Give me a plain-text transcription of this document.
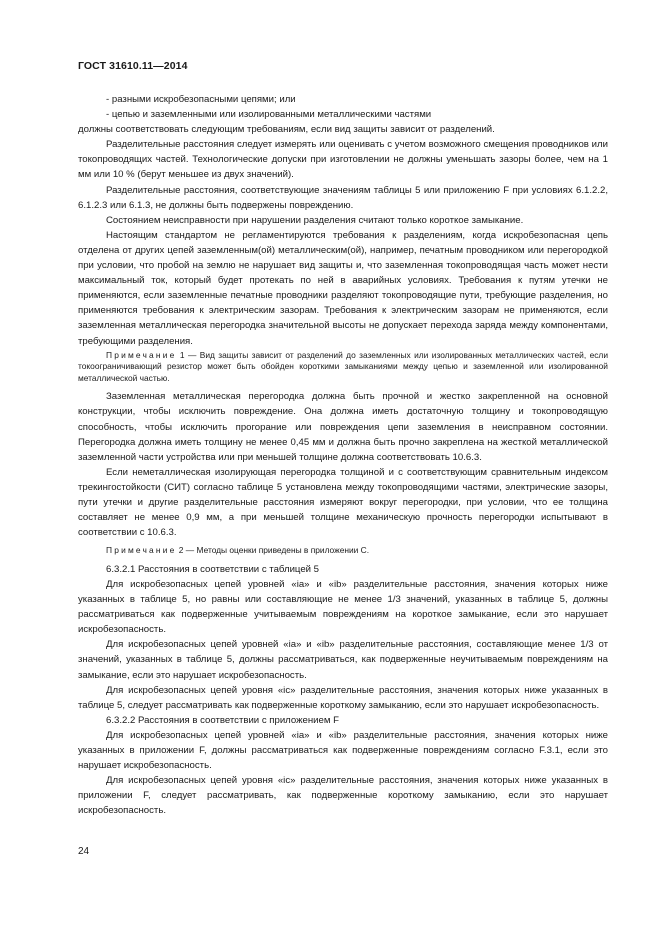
ГОСТ 31610.11—2014

- разными искробезопасными цепями; или

- цепью и заземленными или изолированными металлическими частями

должны соответствовать следующим требованиям, если вид защиты зависит от разделений.

Разделительные расстояния следует измерять или оценивать с учетом возможного смещения проводников или токопроводящих частей. Технологические допуски при изготовлении не должны уменьшать зазоры более, чем на 1 мм или 10 % (берут меньшее из двух значений).

Разделительные расстояния, соответствующие значениям таблицы 5 или приложению F при условиях 6.1.2.2, 6.1.2.3 или 6.1.3, не должны быть подвержены повреждению.

Состоянием неисправности при нарушении разделения считают только короткое замыкание.

Настоящим стандартом не регламентируются требования к разделениям, когда искробезопасная цепь отделена от других цепей заземленным(ой) металлическим(ой), например, печатным проводником или перегородкой при условии, что пробой на землю не нарушает вид защиты и, что заземленная токопроводящая часть может нести максимальный ток, который будет протекать по ней в аварийных условиях. Требования к путям утечки не применяются, если заземленные печатные проводники разделяют токопроводящие пути, требующие разделения, но применяются требования к электрическим зазорам. Требования к электрическим зазорам не применяются, если заземленная металлическая перегородка значительной высоты не допускает перехода заряда между компонентами, требующими разделения.

Примечание 1 — Вид защиты зависит от разделений до заземленных или изолированных металлических частей, если токоограничивающий резистор может быть обойден короткими замыканиями между цепью и заземленной или изолированной металлической частью.

Заземленная металлическая перегородка должна быть прочной и жестко закрепленной на основной конструкции, чтобы исключить повреждение. Она должна иметь достаточную толщину и токопроводящую способность, чтобы исключить прогорание или повреждения цепи заземления в неисправном состоянии. Перегородка должна иметь толщину не менее 0,45 мм и должна быть прочно закреплена на жесткой металлической заземленной части устройства или при меньшей толщине должна соответствовать 10.6.3.

Если неметаллическая изолирующая перегородка толщиной и с соответствующим сравнительным индексом трекингостойкости (СИТ) согласно таблице 5 установлена между токопроводящими частями, электрические зазоры, пути утечки и другие разделительные расстояния измеряют вокруг перегородки, при условии, что ее толщина составляет не менее 0,9 мм, а при меньшей толщине механическую прочность перегородки испытывают в соответствии с 10.6.3.

Примечание 2 — Методы оценки приведены в приложении С.

6.3.2.1 Расстояния в соответствии с таблицей 5

Для искробезопасных цепей уровней «ia» и «ib» разделительные расстояния, значения которых ниже указанных в таблице 5, но равны или составляющие не менее 1/3 значений, указанных в таблице 5, должны рассматриваться как подверженные учитываемым повреждениям на короткое замыкание, если это нарушает искробезопасность.

Для искробезопасных цепей уровней «ia» и «ib» разделительные расстояния, составляющие менее 1/3 от значений, указанных в таблице 5, должны рассматриваться, как подверженные неучитываемым повреждениям на замыкание, если это нарушает искробезопасность.

Для искробезопасных цепей уровня «ic» разделительные расстояния, значения которых ниже указанных в таблице 5, следует рассматривать как подверженные короткому замыканию, если это нарушает искробезопасность.

6.3.2.2 Расстояния в соответствии с приложением F

Для искробезопасных цепей уровней «ia» и «ib» разделительные расстояния, значения которых ниже указанных в приложении F, должны рассматриваться как подверженные повреждениям согласно F.3.1, если это нарушает искробезопасность.

Для искробезопасных цепей уровня «ic» разделительные расстояния, значения которых ниже указанных в приложении F, следует рассматривать, как подверженные короткому замыканию, если это нарушает искробезопасность.

24
